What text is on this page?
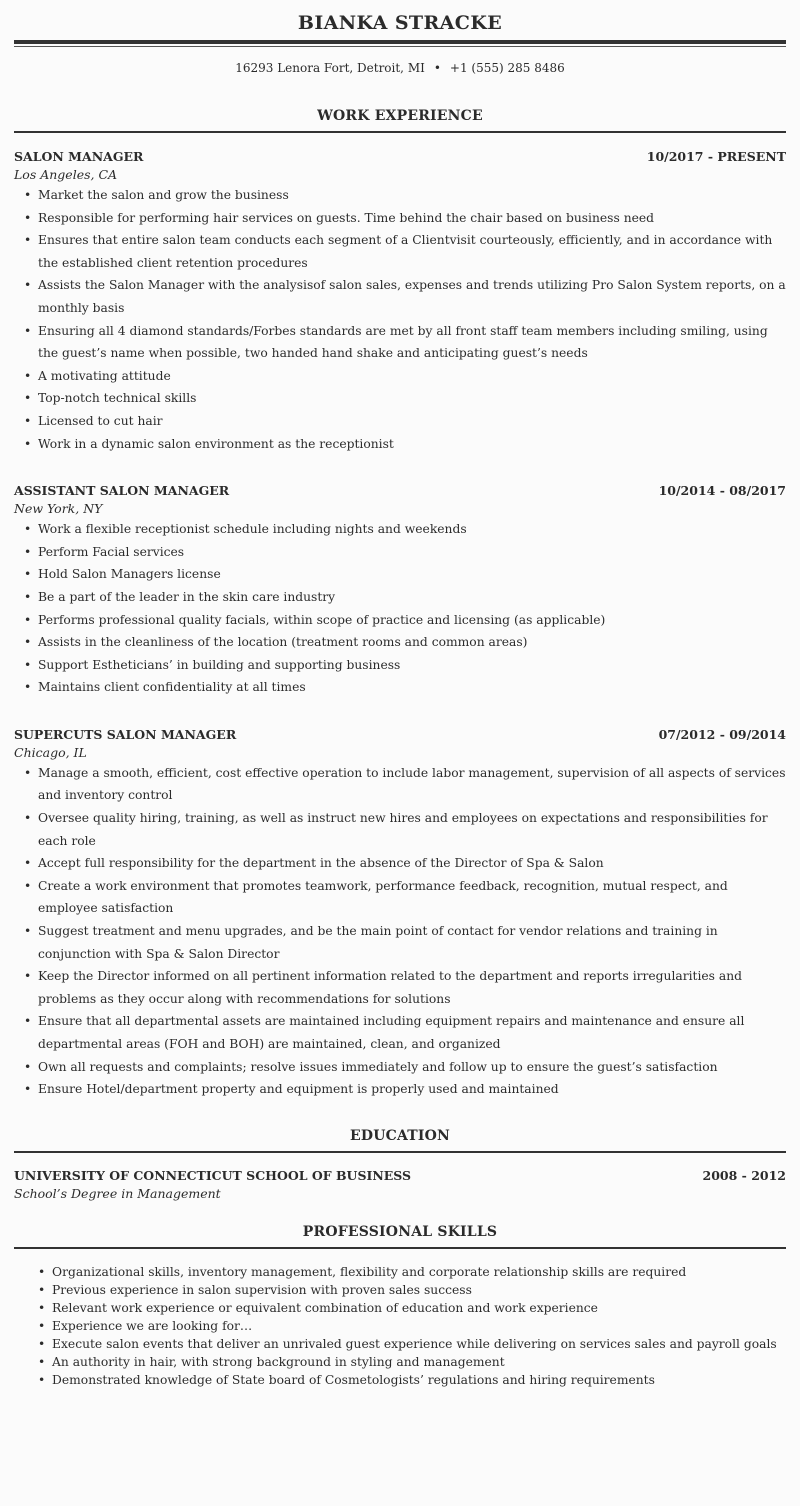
BIANKA STRACKE
16293 Lenora Fort, Detroit, MI • +1 (555) 285 8486
WORK EXPERIENCE
SALON MANAGER	10/2017 - PRESENT
Los Angeles, CA
• Market the salon and grow the business
• Responsible for performing hair services on guests. Time behind the chair based on business need
• Ensures that entire salon team conducts each segment of a Clientvisit courteously, efficiently, and in accordance with the established client retention procedures
• Assists the Salon Manager with the analysisof salon sales, expenses and trends utilizing Pro Salon System reports, on a monthly basis
• Ensuring all 4 diamond standards/Forbes standards are met by all front staff team members including smiling, using the guest’s name when possible, two handed hand shake and anticipating guest’s needs
• A motivating attitude
• Top-notch technical skills
• Licensed to cut hair
• Work in a dynamic salon environment as the receptionist
ASSISTANT SALON MANAGER	10/2014 - 08/2017
New York, NY
• Work a flexible receptionist schedule including nights and weekends
• Perform Facial services
• Hold Salon Managers license
• Be a part of the leader in the skin care industry
• Performs professional quality facials, within scope of practice and licensing (as applicable)
• Assists in the cleanliness of the location (treatment rooms and common areas)
• Support Estheticians’ in building and supporting business
• Maintains client confidentiality at all times
SUPERCUTS SALON MANAGER	07/2012 - 09/2014
Chicago, IL
• Manage a smooth, efficient, cost effective operation to include labor management, supervision of all aspects of services and inventory control
• Oversee quality hiring, training, as well as instruct new hires and employees on expectations and responsibilities for each role
• Accept full responsibility for the department in the absence of the Director of Spa & Salon
• Create a work environment that promotes teamwork, performance feedback, recognition, mutual respect, and employee satisfaction
• Suggest treatment and menu upgrades, and be the main point of contact for vendor relations and training in conjunction with Spa & Salon Director
• Keep the Director informed on all pertinent information related to the department and reports irregularities and problems as they occur along with recommendations for solutions
• Ensure that all departmental assets are maintained including equipment repairs and maintenance and ensure all departmental areas (FOH and BOH) are maintained, clean, and organized
• Own all requests and complaints; resolve issues immediately and follow up to ensure the guest’s satisfaction
• Ensure Hotel/department property and equipment is properly used and maintained
EDUCATION
UNIVERSITY OF CONNECTICUT SCHOOL OF BUSINESS	2008 - 2012
School’s Degree in Management
PROFESSIONAL SKILLS
• Organizational skills, inventory management, flexibility and corporate relationship skills are required
• Previous experience in salon supervision with proven sales success
• Relevant work experience or equivalent combination of education and work experience
• Experience we are looking for…
• Execute salon events that deliver an unrivaled guest experience while delivering on services sales and payroll goals
• An authority in hair, with strong background in styling and management
• Demonstrated knowledge of State board of Cosmetologists’ regulations and hiring requirements
